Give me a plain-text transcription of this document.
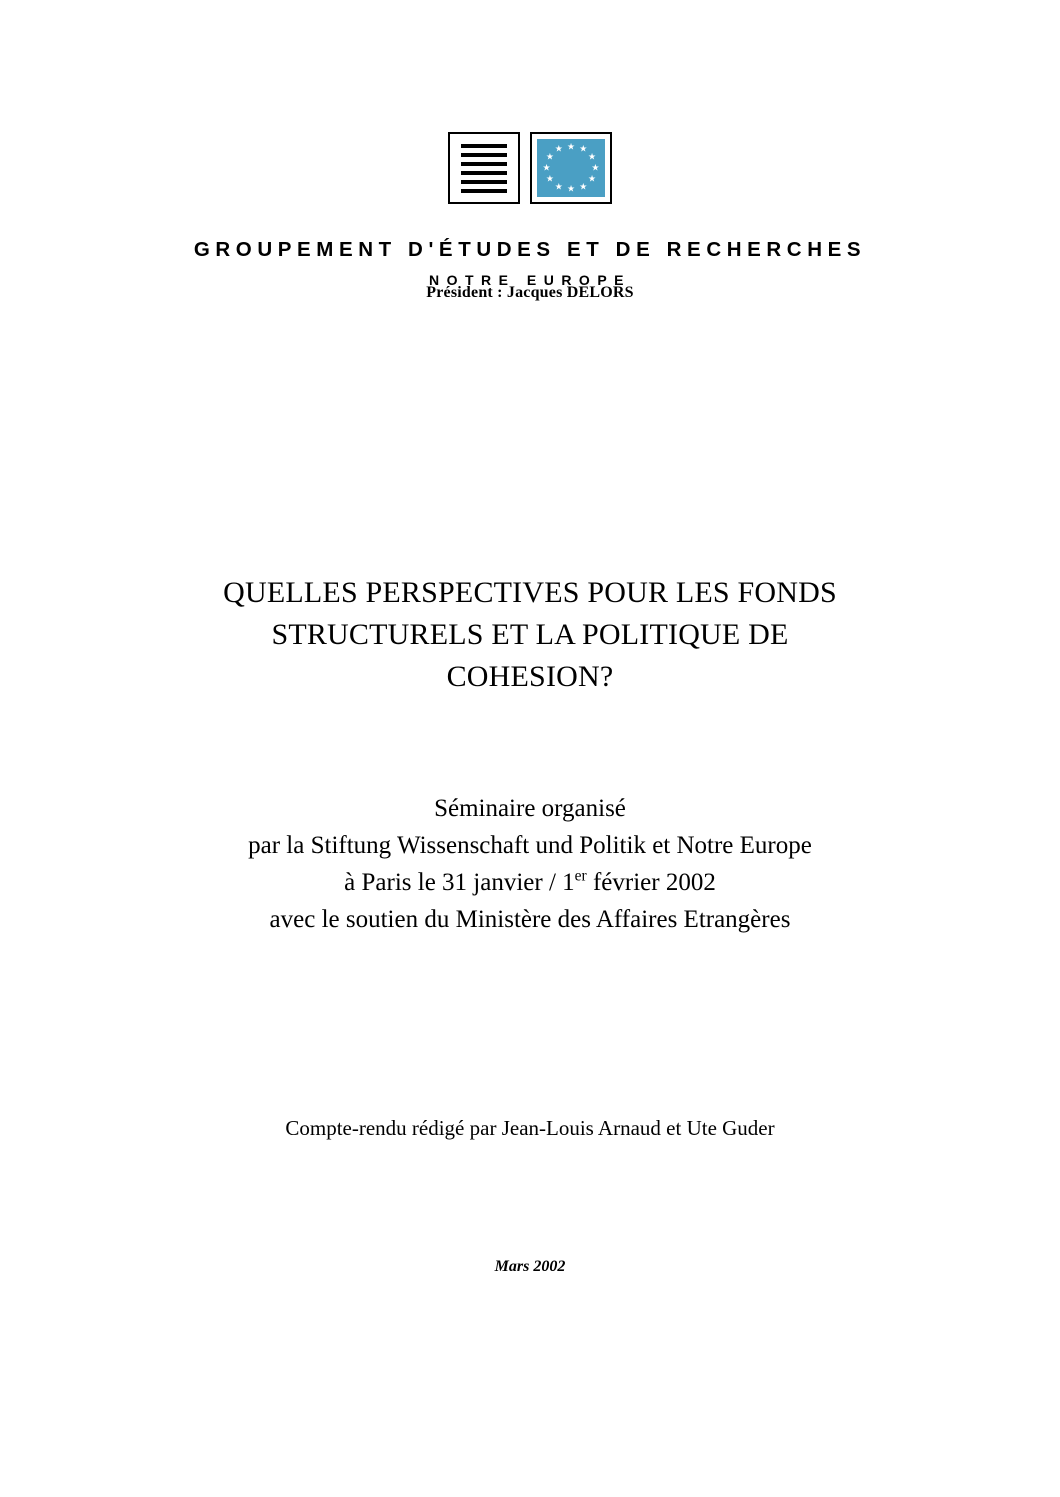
★ ★
★
★
★
★
★
★
★
★
★
★
GROUPEMENT D'ÉTUDES ET DE RECHERCHES
NOTRE EUROPE
Président : Jacques DELORS
QUELLES PERSPECTIVES POUR LES FONDS
STRUCTURELS ET LA POLITIQUE DE
COHESION?
Séminaire organisé
par la Stiftung Wissenschaft und Politik et Notre Europe
à Paris le 31 janvier / 1er février 2002
avec le soutien du Ministère des Affaires Etrangères
Compte-rendu rédigé par Jean-Louis Arnaud et Ute Guder
Mars 2002
